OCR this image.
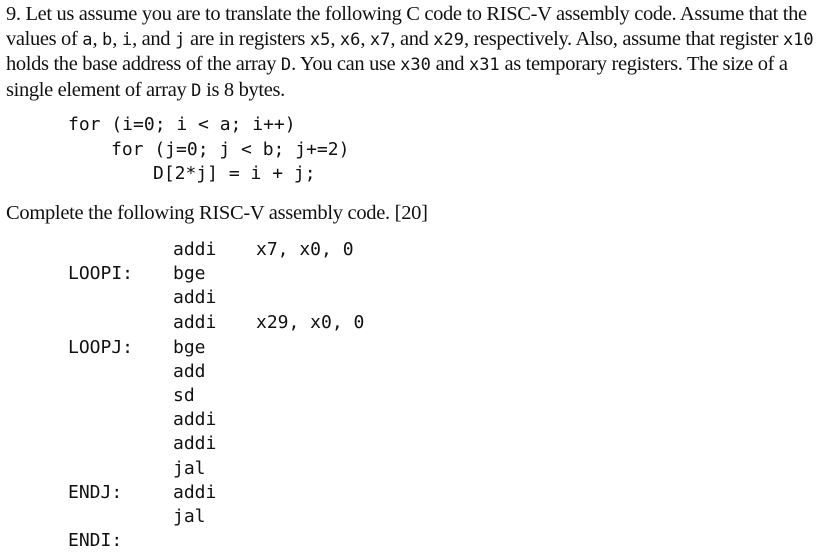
9. Let us assume you are to translate the following C code to RISC-V assembly code. Assume that the values of a, b, i, and j are in registers x5, x6, x7, and x29, respectively. Also, assume that register x10 holds the base address of the array D. You can use x30 and x31 as temporary registers. The size of a single element of array D is 8 bytes.
for (i=0; i < a; i++)
for (j=0; j < b; j+=2)
D[2*j] = i + j;
Complete the following RISC-V assembly code. [20]
LOOPI:
LOOPJ:
ENDJ:
ENDI:
addi
bge
addi
addi
bge
add
sd
addi
addi
jal
addi
jal
x7, x0, 0
x29, x0, 0
